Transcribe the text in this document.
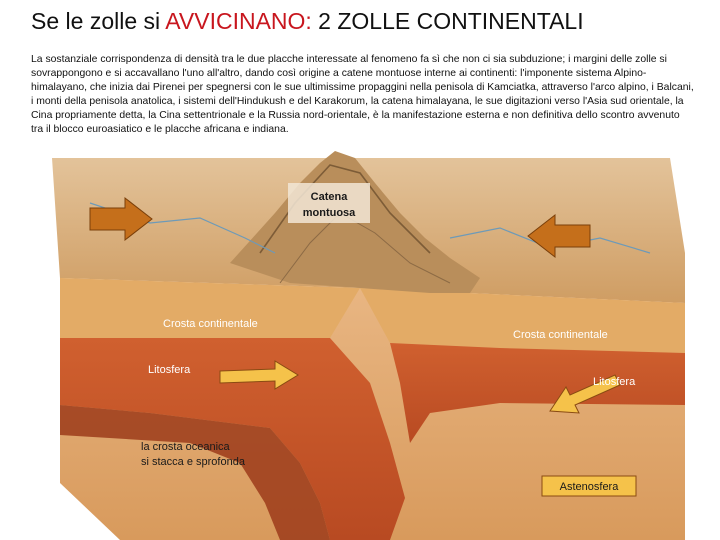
Se le zolle si AVVICINANO: 2 ZOLLE CONTINENTALI
La sostanziale corrispondenza di densità tra le due placche interessate al fenomeno fa sì che non ci sia subduzione; i margini delle zolle si sovrappongono e si accavallano l'uno all'altro, dando così origine a catene montuose interne ai continenti: l'imponente sistema Alpino-himalayano, che inizia dai Pirenei per spegnersi con le sue ultimissime propaggini nella penisola di Kamciatka, attraverso l'arco alpino, i Balcani, i monti della penisola anatolica, i sistemi dell'Hindukush e del Karakorum, la catena himalayana, le sue digitazioni verso l'Asia sud orientale, la Cina propriamente detta, la Cina settentrionale e la Russia nord-orientale, è la manifestazione esterna e non definitiva dello scontro avvenuto tra il blocco euroasiatico e le placche africana e indiana.
Catena
montuosa
Crosta continentale
Crosta continentale
Litosfera
Litosfera
la crosta oceanica
si stacca e sprofonda
Astenosfera
